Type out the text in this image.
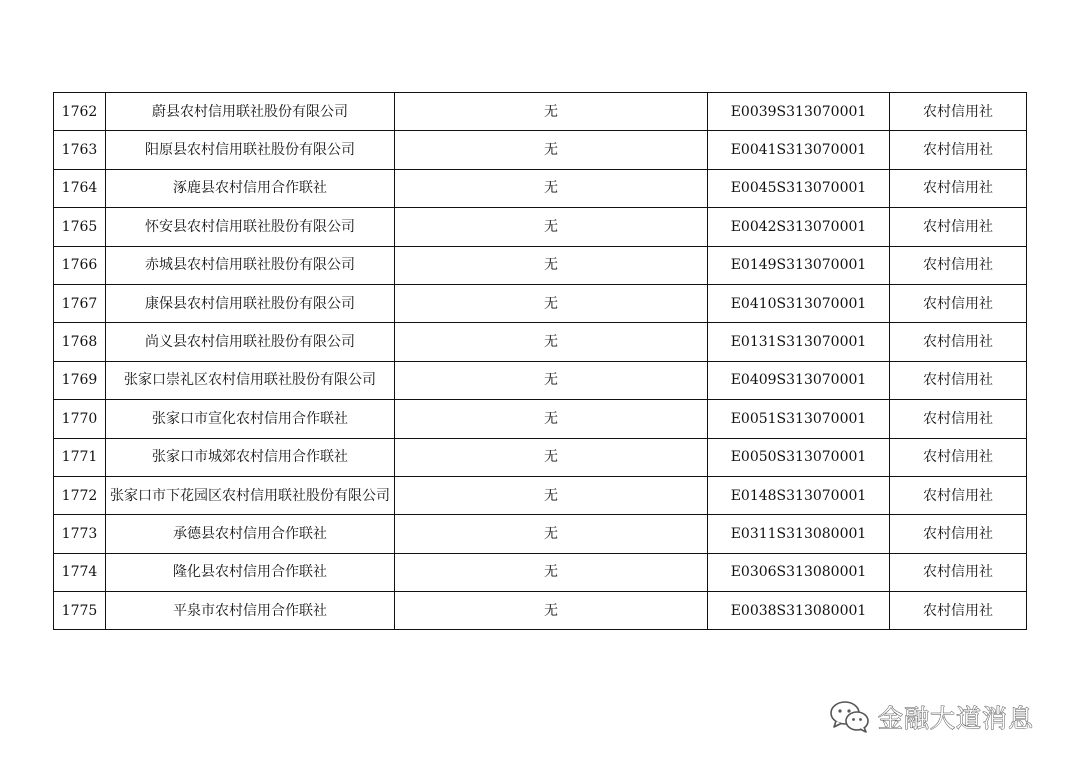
1762	蔚县农村信用联社股份有限公司	无	E0039S313070001	农村信用社
1763	阳原县农村信用联社股份有限公司	无	E0041S313070001	农村信用社
1764	涿鹿县农村信用合作联社	无	E0045S313070001	农村信用社
1765	怀安县农村信用联社股份有限公司	无	E0042S313070001	农村信用社
1766	赤城县农村信用联社股份有限公司	无	E0149S313070001	农村信用社
1767	康保县农村信用联社股份有限公司	无	E0410S313070001	农村信用社
1768	尚义县农村信用联社股份有限公司	无	E0131S313070001	农村信用社
1769	张家口崇礼区农村信用联社股份有限公司	无	E0409S313070001	农村信用社
1770	张家口市宣化农村信用合作联社	无	E0051S313070001	农村信用社
1771	张家口市城郊农村信用合作联社	无	E0050S313070001	农村信用社
1772	张家口市下花园区农村信用联社股份有限公司	无	E0148S313070001	农村信用社
1773	承德县农村信用合作联社	无	E0311S313080001	农村信用社
1774	隆化县农村信用合作联社	无	E0306S313080001	农村信用社
1775	平泉市农村信用合作联社	无	E0038S313080001	农村信用社
金融大道消息
